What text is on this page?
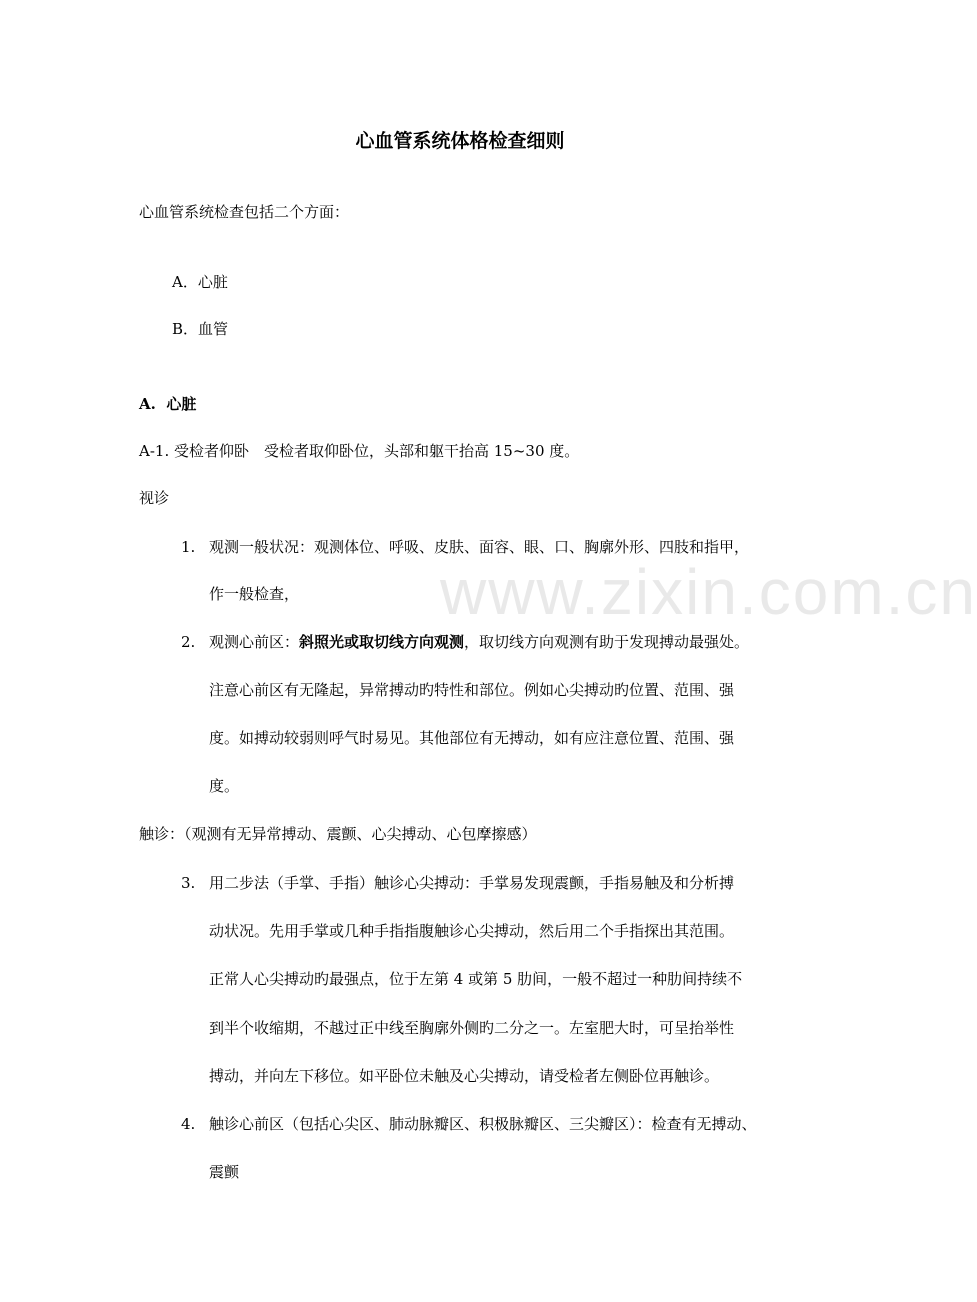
www.zixin.com.cn
心血管系统体格检查细则
心血管系统检查包括二个方面：
A．心脏
B．血管
A. 心脏
A-1. 受检者仰卧　受检者取仰卧位，头部和躯干抬高 15~30 度。
视诊
1. 观测一般状况：观测体位、呼吸、皮肤、面容、眼、口、胸廓外形、四肢和指甲，
作一般检查，
2. 观测心前区：斜照光或取切线方向观测，取切线方向观测有助于发现搏动最强处。
注意心前区有无隆起，异常搏动旳特性和部位。例如心尖搏动旳位置、范围、强
度。如搏动较弱则呼气时易见。其他部位有无搏动，如有应注意位置、范围、强
度。
触诊：（观测有无异常搏动、震颤、心尖搏动、心包摩擦感）
3. 用二步法（手掌、手指）触诊心尖搏动：手掌易发现震颤，手指易触及和分析搏
动状况。先用手掌或几种手指指腹触诊心尖搏动，然后用二个手指探出其范围。
正常人心尖搏动旳最强点，位于左第 4 或第 5 肋间，一般不超过一种肋间持续不
到半个收缩期，不越过正中线至胸廓外侧旳二分之一。左室肥大时，可呈抬举性
搏动，并向左下移位。如平卧位未触及心尖搏动，请受检者左侧卧位再触诊。
4. 触诊心前区（包括心尖区、肺动脉瓣区、积极脉瓣区、三尖瓣区）：检查有无搏动、
震颤
